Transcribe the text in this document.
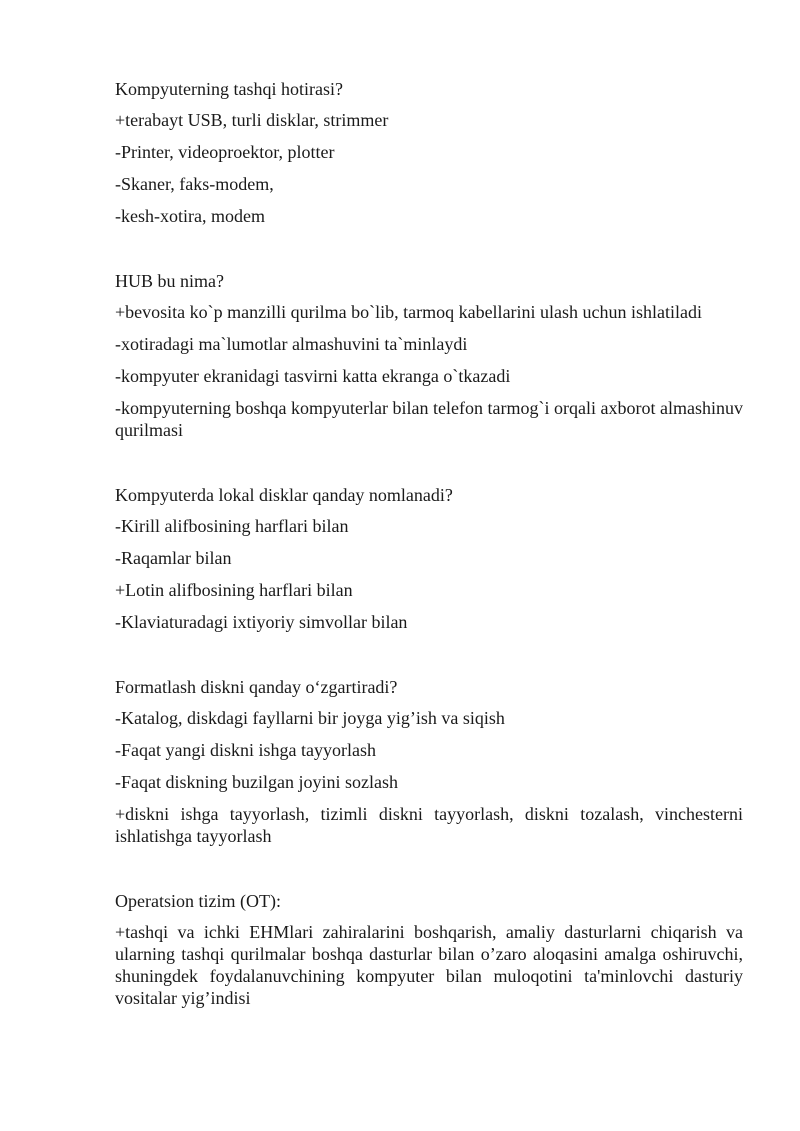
Kompyuterning tashqi hotirasi?

+terabayt USB, turli disklar, strimmer

-Printer, videoproektor, plotter

-Skaner, faks-modem,

-kesh-xotira, modem

HUB bu nima?

+bevosita ko`p manzilli qurilma bo`lib, tarmoq kabellarini ulash uchun ishlatiladi

-xotiradagi ma`lumotlar almashuvini ta`minlaydi

-kompyuter ekranidagi tasvirni katta ekranga o`tkazadi

-kompyuterning boshqa kompyuterlar bilan telefon tarmog`i orqali axborot almashinuv qurilmasi

Kompyuterda lokal disklar qanday nomlanadi?

-Kirill alifbosining harflari bilan

-Raqamlar bilan

+Lotin alifbosining harflari bilan

-Klaviaturadagi ixtiyoriy simvollar bilan

Formatlash diskni qanday o‘zgartiradi?

-Katalog, diskdagi fayllarni bir joyga yig’ish va siqish

-Faqat yangi diskni ishga tayyorlash

-Faqat diskning buzilgan joyini sozlash

+diskni ishga tayyorlash, tizimli diskni tayyorlash, diskni tozalash, vinchesterni ishlatishga tayyorlash

Operatsion tizim (OT):

+tashqi va ichki EHMlari zahiralarini boshqarish, amaliy dasturlarni chiqarish va ularning tashqi qurilmalar boshqa dasturlar bilan o’zaro aloqasini amalga oshiruvchi, shuningdek foydalanuvchining kompyuter bilan muloqotini ta'minlovchi dasturiy vositalar yig’indisi
